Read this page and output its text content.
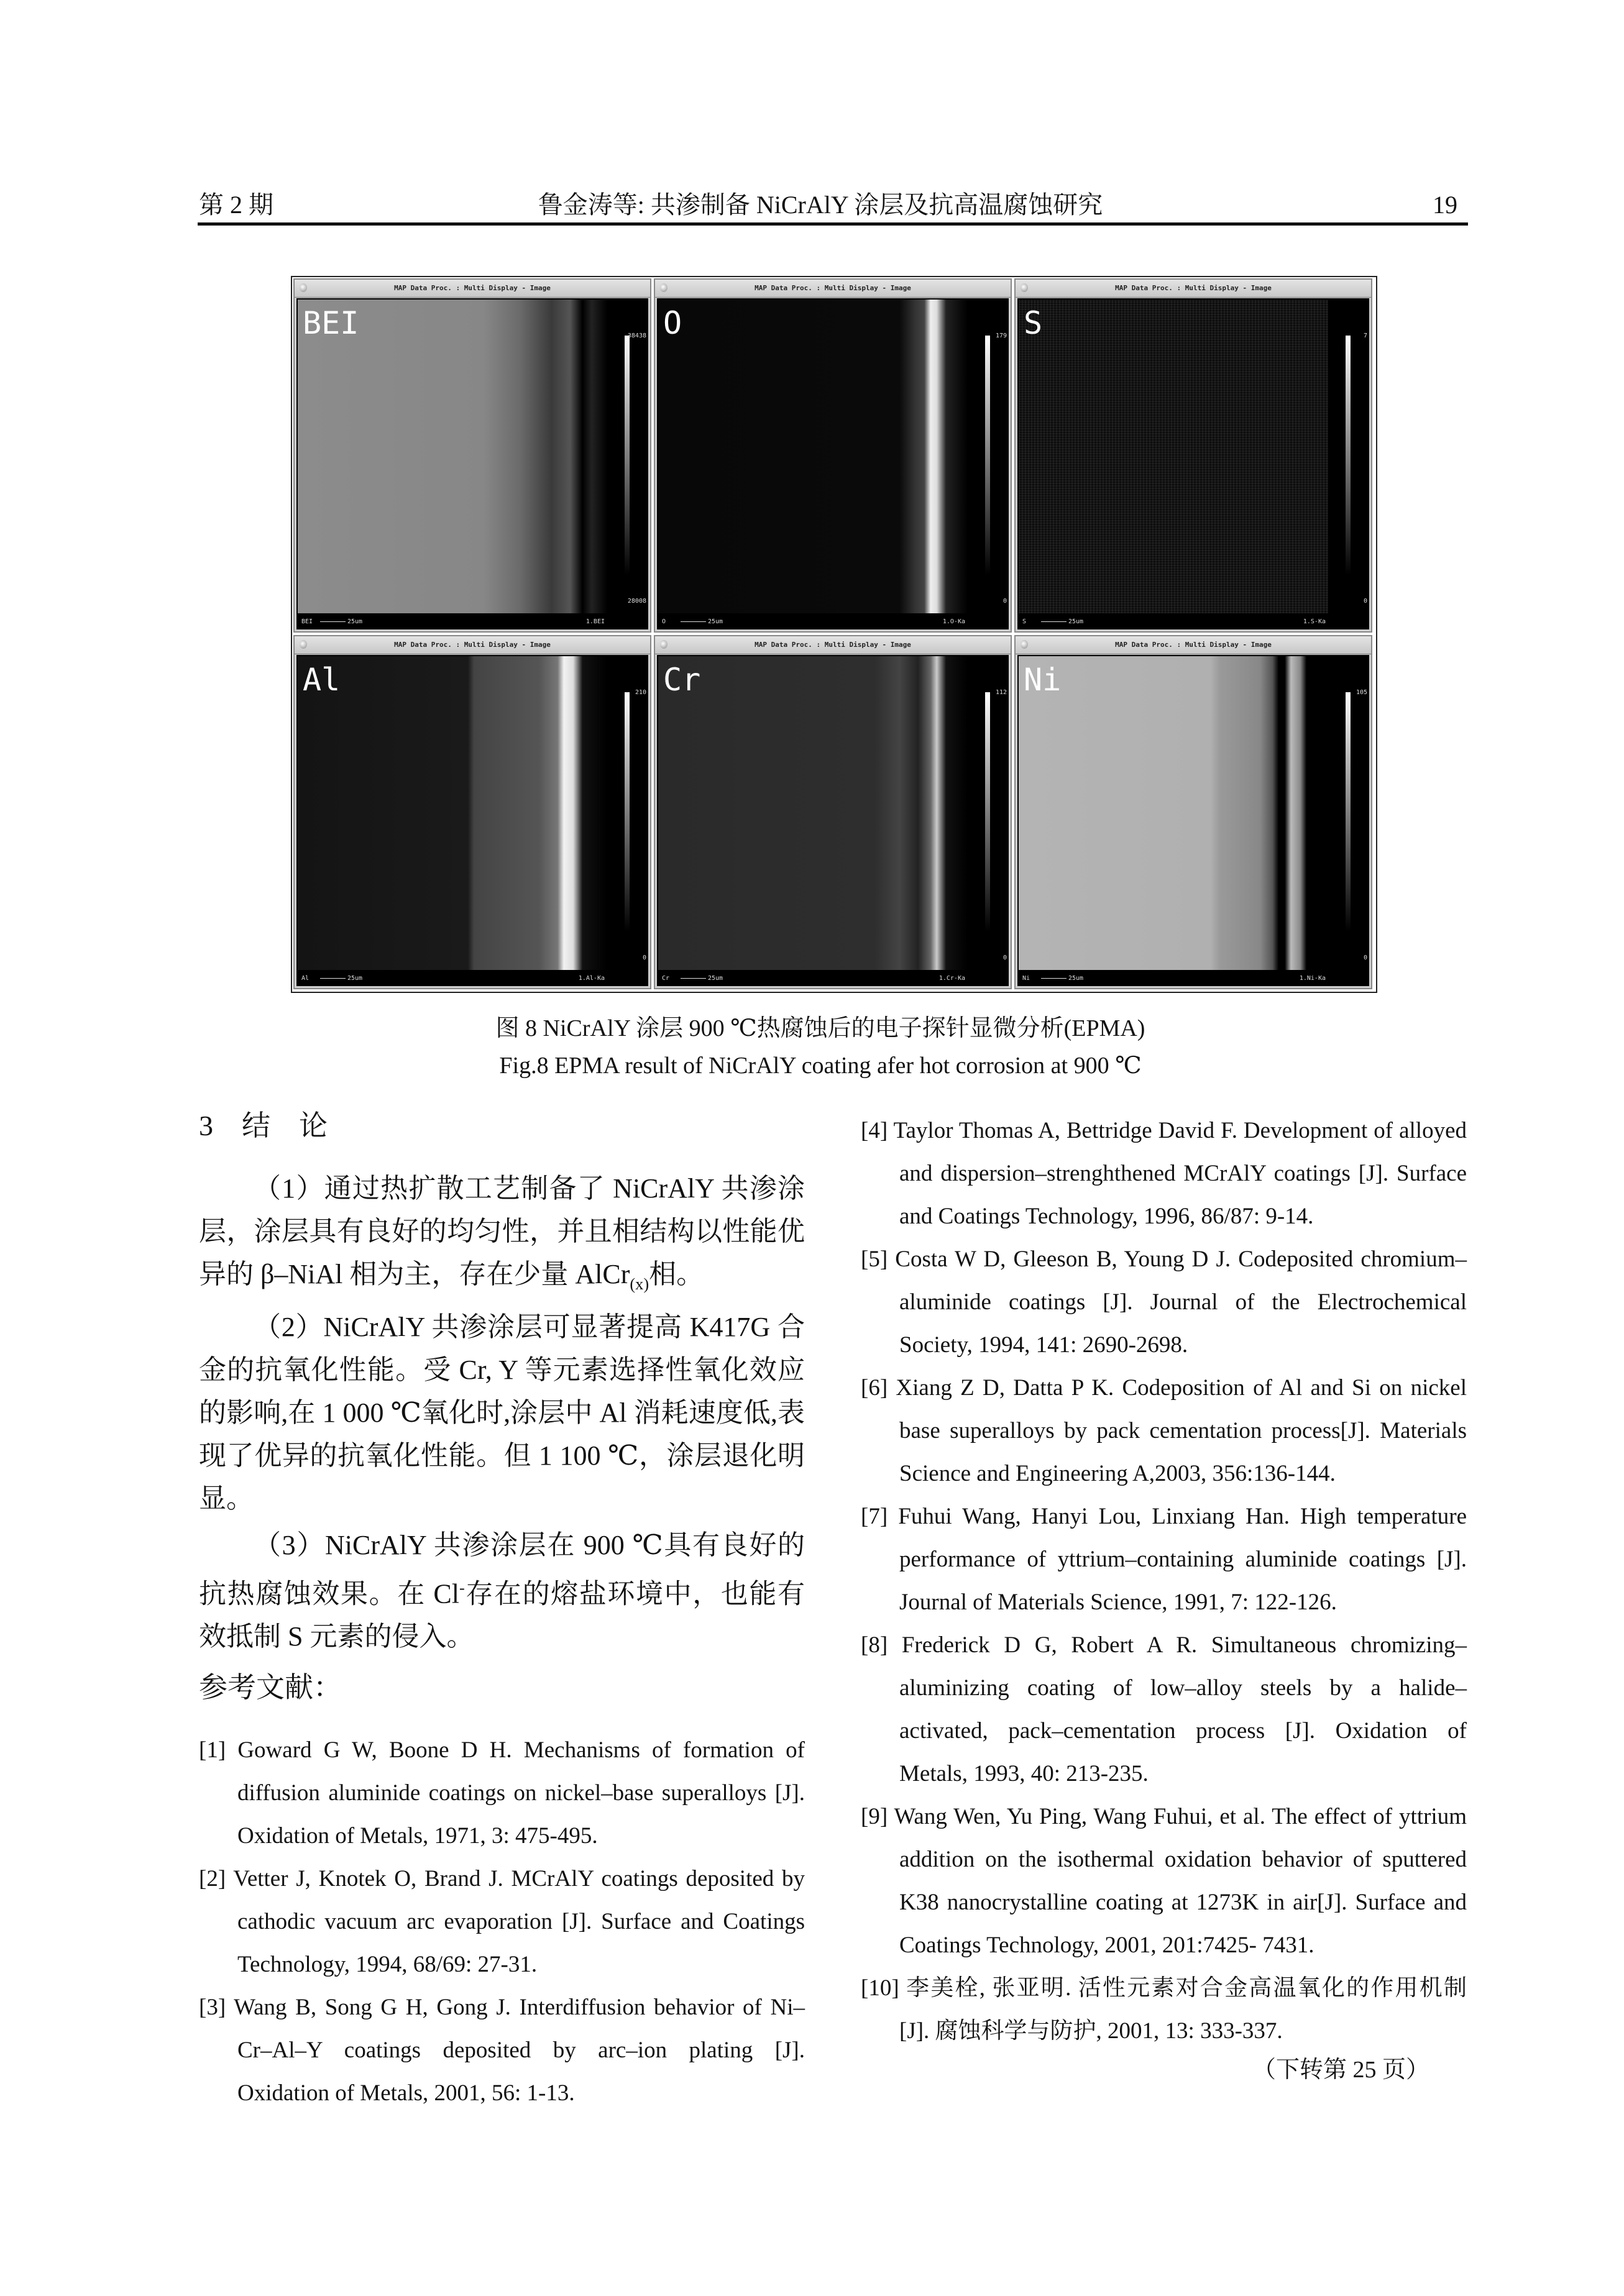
第 2 期	鲁金涛等: 共渗制备 NiCrAlY 涂层及抗高温腐蚀研究	19
MAP Data Proc. : Multi Display - Image
BEI	38438
28008
BEI	25um	1.BEI
MAP Data Proc. : Multi Display - Image
O	179
0
O	25um	1.O-Ka
MAP Data Proc. : Multi Display - Image
S	7
0
S	25um	1.S-Ka
MAP Data Proc. : Multi Display - Image
Al	210
0
Al	25um	1.Al-Ka
MAP Data Proc. : Multi Display - Image
Cr	112
0
Cr	25um	1.Cr-Ka
MAP Data Proc. : Multi Display - Image
Ni	105
0
Ni	25um	1.Ni-Ka
图 8 NiCrAlY 涂层 900 ℃热腐蚀后的电子探针显微分析(EPMA)
Fig.8 EPMA result of NiCrAlY coating afer hot corrosion at 900 ℃
3　结　论
（1）通过热扩散工艺制备了 NiCrAlY 共渗涂层，涂层具有良好的均匀性，并且相结构以性能优异的 β–NiAl 相为主，存在少量 AlCr$_{(x)}$相。
（2）NiCrAlY 共渗涂层可显著提高 K417G 合金的抗氧化性能。受 Cr, Y 等元素选择性氧化效应的影响,在 1 000 ℃氧化时,涂层中 Al 消耗速度低,表现了优异的抗氧化性能。但 1 100 ℃，涂层退化明显。
（3）NiCrAlY 共渗涂层在 900 ℃具有良好的抗热腐蚀效果。在 Cl-存在的熔盐环境中，也能有效抵制 S 元素的侵入。
参考文献：
[1] Goward G W, Boone D H. Mechanisms of formation of diffusion aluminide coatings on nickel–base superalloys [J]. Oxidation of Metals, 1971, 3: 475-495.
[2] Vetter J, Knotek O, Brand J. MCrAlY coatings deposited by cathodic vacuum arc evaporation [J]. Surface and Coatings Technology, 1994, 68/69: 27-31.
[3] Wang B, Song G H, Gong J. Interdiffusion behavior of Ni–Cr–Al–Y coatings deposited by arc–ion plating [J]. Oxidation of Metals, 2001, 56: 1-13.
[4] Taylor Thomas A, Bettridge David F. Development of alloyed and dispersion–strenghthened MCrAlY coatings [J]. Surface and Coatings Technology, 1996, 86/87: 9-14.
[5] Costa W D, Gleeson B, Young D J. Codeposited chromium–aluminide coatings [J]. Journal of the Electrochemical Society, 1994, 141: 2690-2698.
[6] Xiang Z D, Datta P K. Codeposition of Al and Si on nickel base superalloys by pack cementation process[J]. Materials Science and Engineering A,2003, 356:136-144.
[7] Fuhui Wang, Hanyi Lou, Linxiang Han. High temperature performance of yttrium–containing aluminide coatings [J]. Journal of Materials Science, 1991, 7: 122-126.
[8] Frederick D G, Robert A R. Simultaneous chromizing–aluminizing coating of low–alloy steels by a halide–activated, pack–cementation process [J]. Oxidation of Metals, 1993, 40: 213-235.
[9] Wang Wen, Yu Ping, Wang Fuhui, et al. The effect of yttrium addition on the isothermal oxidation behavior of sputtered K38 nanocrystalline coating at 1273K in air[J]. Surface and Coatings Technology, 2001, 201:7425- 7431.
[10] 李美栓, 张亚明. 活性元素对合金高温氧化的作用机制 [J]. 腐蚀科学与防护, 2001, 13: 333-337.
（下转第 25 页）
